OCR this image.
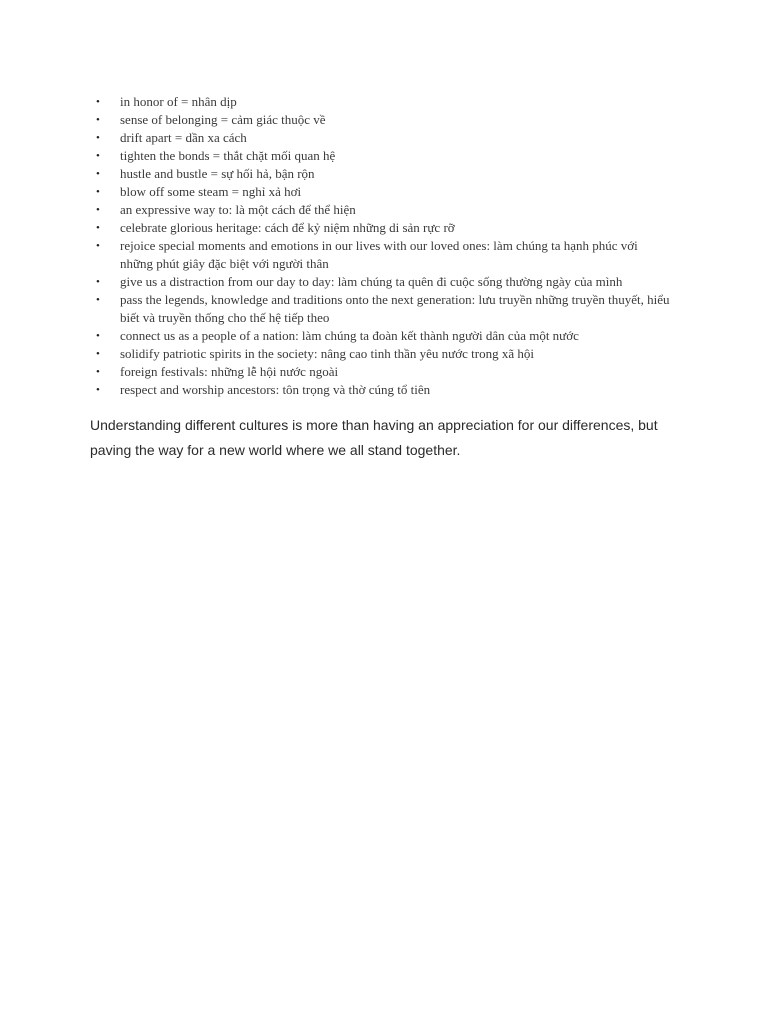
• in honor of = nhân dịp
• sense of belonging = cảm giác thuộc về
• drift apart = dần xa cách
• tighten the bonds = thắt chặt mối quan hệ
• hustle and bustle = sự hối hả, bận rộn
• blow off some steam = nghỉ xả hơi
• an expressive way to: là một cách để thể hiện
• celebrate glorious heritage: cách để kỷ niệm những di sản rực rỡ
• rejoice special moments and emotions in our lives with our loved ones: làm chúng ta hạnh phúc với những phút giây đặc biệt với người thân
• give us a distraction from our day to day: làm chúng ta quên đi cuộc sống thường ngày của mình
• pass the legends, knowledge and traditions onto the next generation: lưu truyền những truyền thuyết, hiểu biết và truyền thống cho thế hệ tiếp theo
• connect us as a people of a nation: làm chúng ta đoàn kết thành người dân của một nước
• solidify patriotic spirits in the society: nâng cao tinh thần yêu nước trong xã hội
• foreign festivals: những lễ hội nước ngoài
• respect and worship ancestors: tôn trọng và thờ cúng tổ tiên

Understanding different cultures is more than having an appreciation for our differences, but paving the way for a new world where we all stand together.
